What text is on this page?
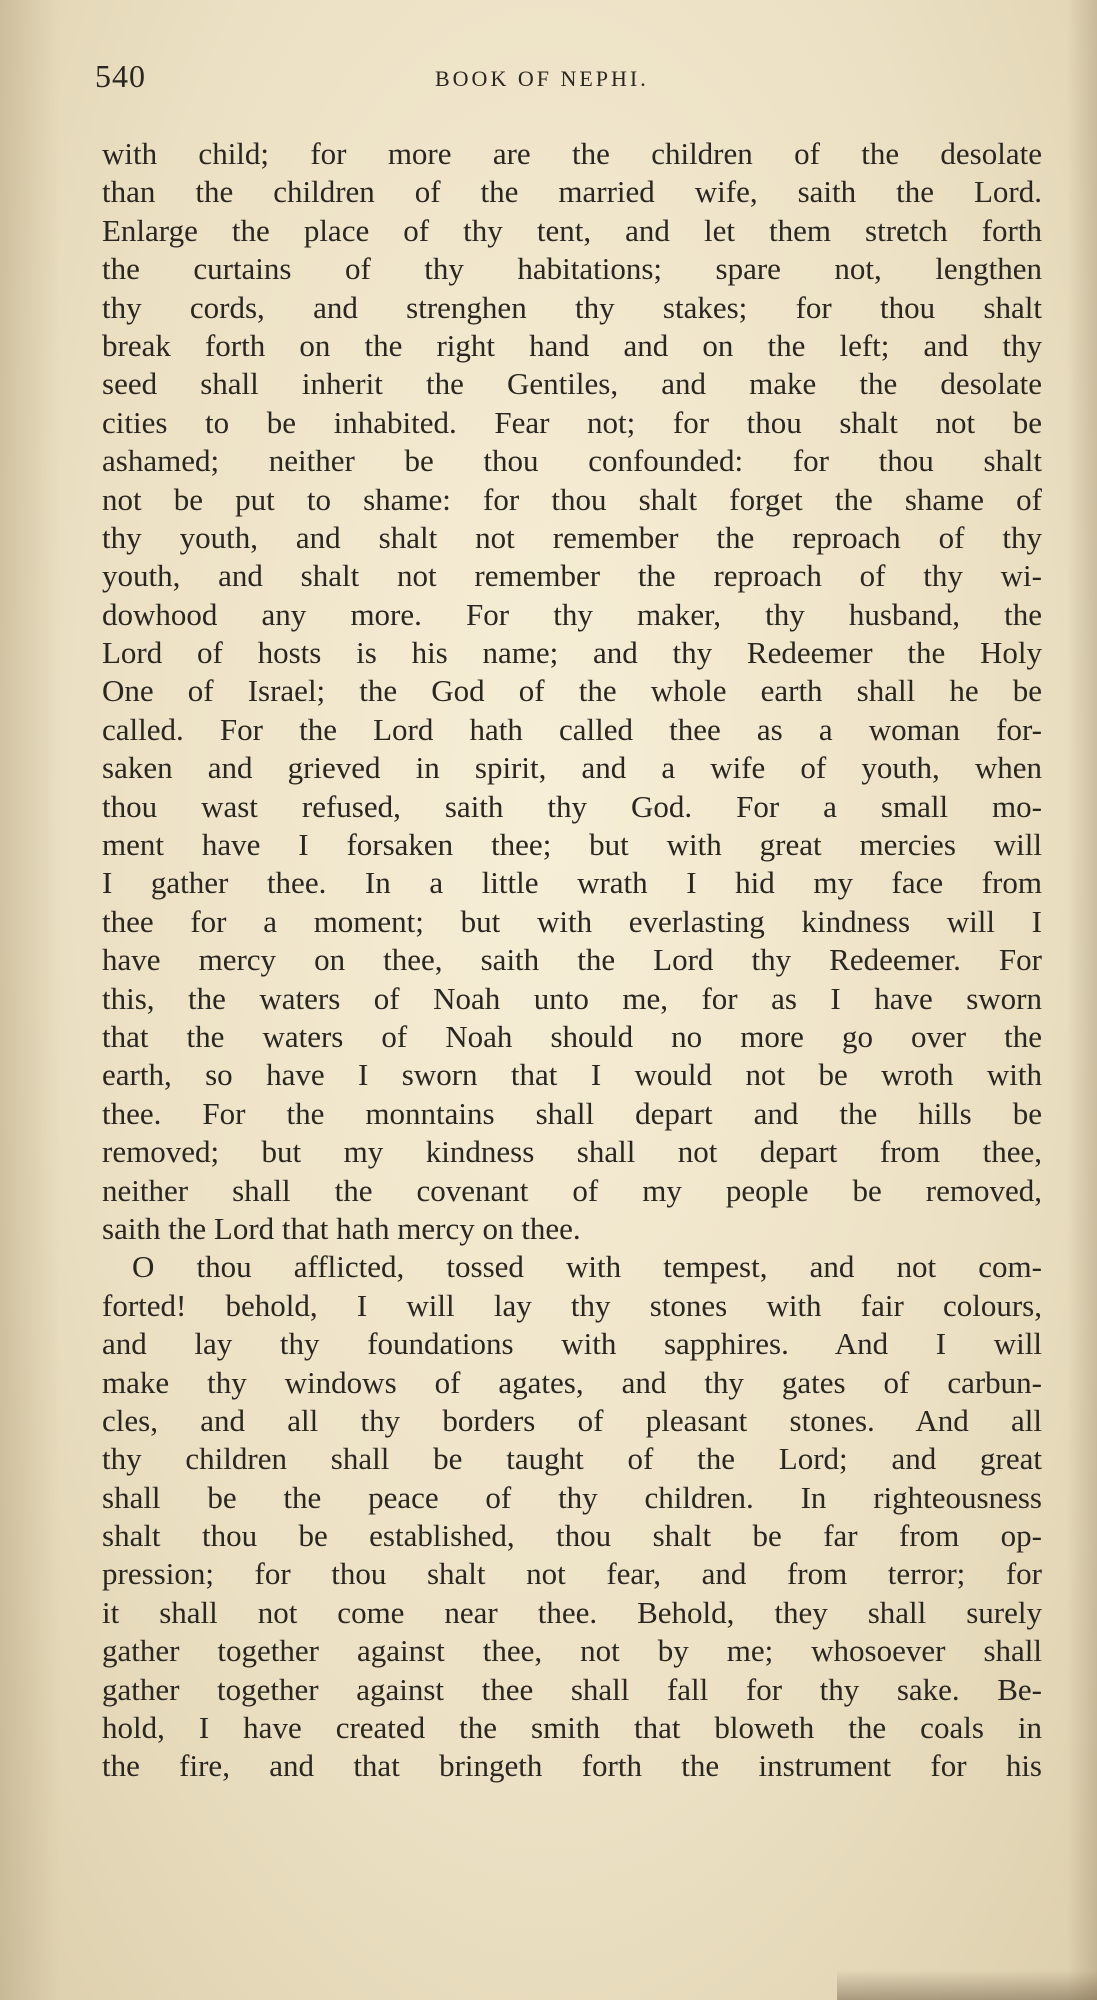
540	BOOK OF NEPHI.
with child; for more are the children of the desolate
than the children of the married wife, saith the Lord.
Enlarge the place of thy tent, and let them stretch forth
the curtains of thy habitations; spare not, lengthen
thy cords, and strenghen thy stakes; for thou shalt
break forth on the right hand and on the left; and thy
seed shall inherit the Gentiles, and make the desolate
cities to be inhabited. Fear not; for thou shalt not be
ashamed; neither be thou confounded: for thou shalt
not be put to shame: for thou shalt forget the shame of
thy youth, and shalt not remember the reproach of thy
youth, and shalt not remember the reproach of thy wi-
dowhood any more. For thy maker, thy husband, the
Lord of hosts is his name; and thy Redeemer the Holy
One of Israel; the God of the whole earth shall he be
called. For the Lord hath called thee as a woman for-
saken and grieved in spirit, and a wife of youth, when
thou wast refused, saith thy God. For a small mo-
ment have I forsaken thee; but with great mercies will
I gather thee. In a little wrath I hid my face from
thee for a moment; but with everlasting kindness will I
have mercy on thee, saith the Lord thy Redeemer. For
this, the waters of Noah unto me, for as I have sworn
that the waters of Noah should no more go over the
earth, so have I sworn that I would not be wroth with
thee. For the monntains shall depart and the hills be
removed; but my kindness shall not depart from thee,
neither shall the covenant of my people be removed,
saith the Lord that hath mercy on thee.
O thou afflicted, tossed with tempest, and not com-
forted! behold, I will lay thy stones with fair colours,
and lay thy foundations with sapphires. And I will
make thy windows of agates, and thy gates of carbun-
cles, and all thy borders of pleasant stones. And all
thy children shall be taught of the Lord; and great
shall be the peace of thy children. In righteousness
shalt thou be established, thou shalt be far from op-
pression; for thou shalt not fear, and from terror; for
it shall not come near thee. Behold, they shall surely
gather together against thee, not by me; whosoever shall
gather together against thee shall fall for thy sake. Be-
hold, I have created the smith that bloweth the coals in
the fire, and that bringeth forth the instrument for his
